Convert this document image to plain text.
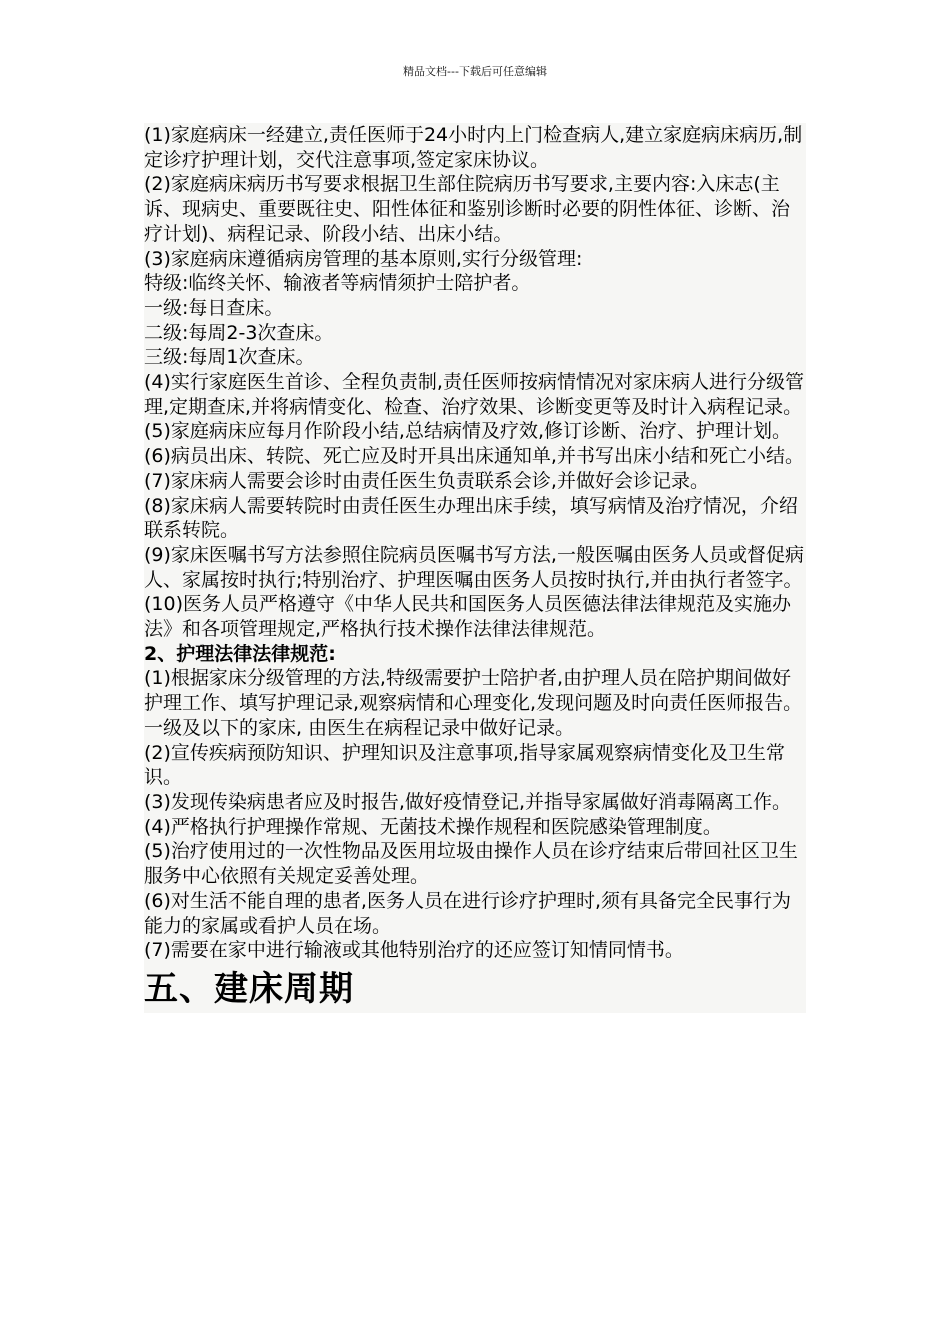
精品文档---下载后可任意编辑

(1)家庭病床一经建立,责任医师于24小时内上门检查病人,建立家庭病床病历,制定诊疗护理计划，交代注意事项,签定家床协议。

(2)家庭病床病历书写要求根据卫生部住院病历书写要求,主要内容:入床志(主诉、现病史、重要既往史、阳性体征和鉴别诊断时必要的阴性体征、诊断、治疗计划)、病程记录、阶段小结、出床小结。

(3)家庭病床遵循病房管理的基本原则,实行分级管理:

特级:临终关怀、输液者等病情须护士陪护者。

一级:每日查床。

二级:每周2-3次查床。

三级:每周1次查床。

(4)实行家庭医生首诊、全程负责制,责任医师按病情情况对家床病人进行分级管理,定期查床,并将病情变化、检查、治疗效果、诊断变更等及时计入病程记录。

(5)家庭病床应每月作阶段小结,总结病情及疗效,修订诊断、治疗、护理计划。

(6)病员出床、转院、死亡应及时开具出床通知单,并书写出床小结和死亡小结。

(7)家床病人需要会诊时由责任医生负责联系会诊,并做好会诊记录。

(8)家床病人需要转院时由责任医生办理出床手续，填写病情及治疗情况，介绍联系转院。

(9)家床医嘱书写方法参照住院病员医嘱书写方法,一般医嘱由医务人员或督促病人、家属按时执行;特别治疗、护理医嘱由医务人员按时执行,并由执行者签字。

(10)医务人员严格遵守《中华人民共和国医务人员医德法律法律规范及实施办法》和各项管理规定,严格执行技术操作法律法律规范。

2、护理法律法律规范:

(1)根据家床分级管理的方法,特级需要护士陪护者,由护理人员在陪护期间做好护理工作、填写护理记录,观察病情和心理变化,发现问题及时向责任医师报告。一级及以下的家床, 由医生在病程记录中做好记录。

(2)宣传疾病预防知识、护理知识及注意事项,指导家属观察病情变化及卫生常识。

(3)发现传染病患者应及时报告,做好疫情登记,并指导家属做好消毒隔离工作。

(4)严格执行护理操作常规、无菌技术操作规程和医院感染管理制度。

(5)治疗使用过的一次性物品及医用垃圾由操作人员在诊疗结束后带回社区卫生服务中心依照有关规定妥善处理。

(6)对生活不能自理的患者,医务人员在进行诊疗护理时,须有具备完全民事行为能力的家属或看护人员在场。

(7)需要在家中进行输液或其他特别治疗的还应签订知情同情书。

五、建床周期
